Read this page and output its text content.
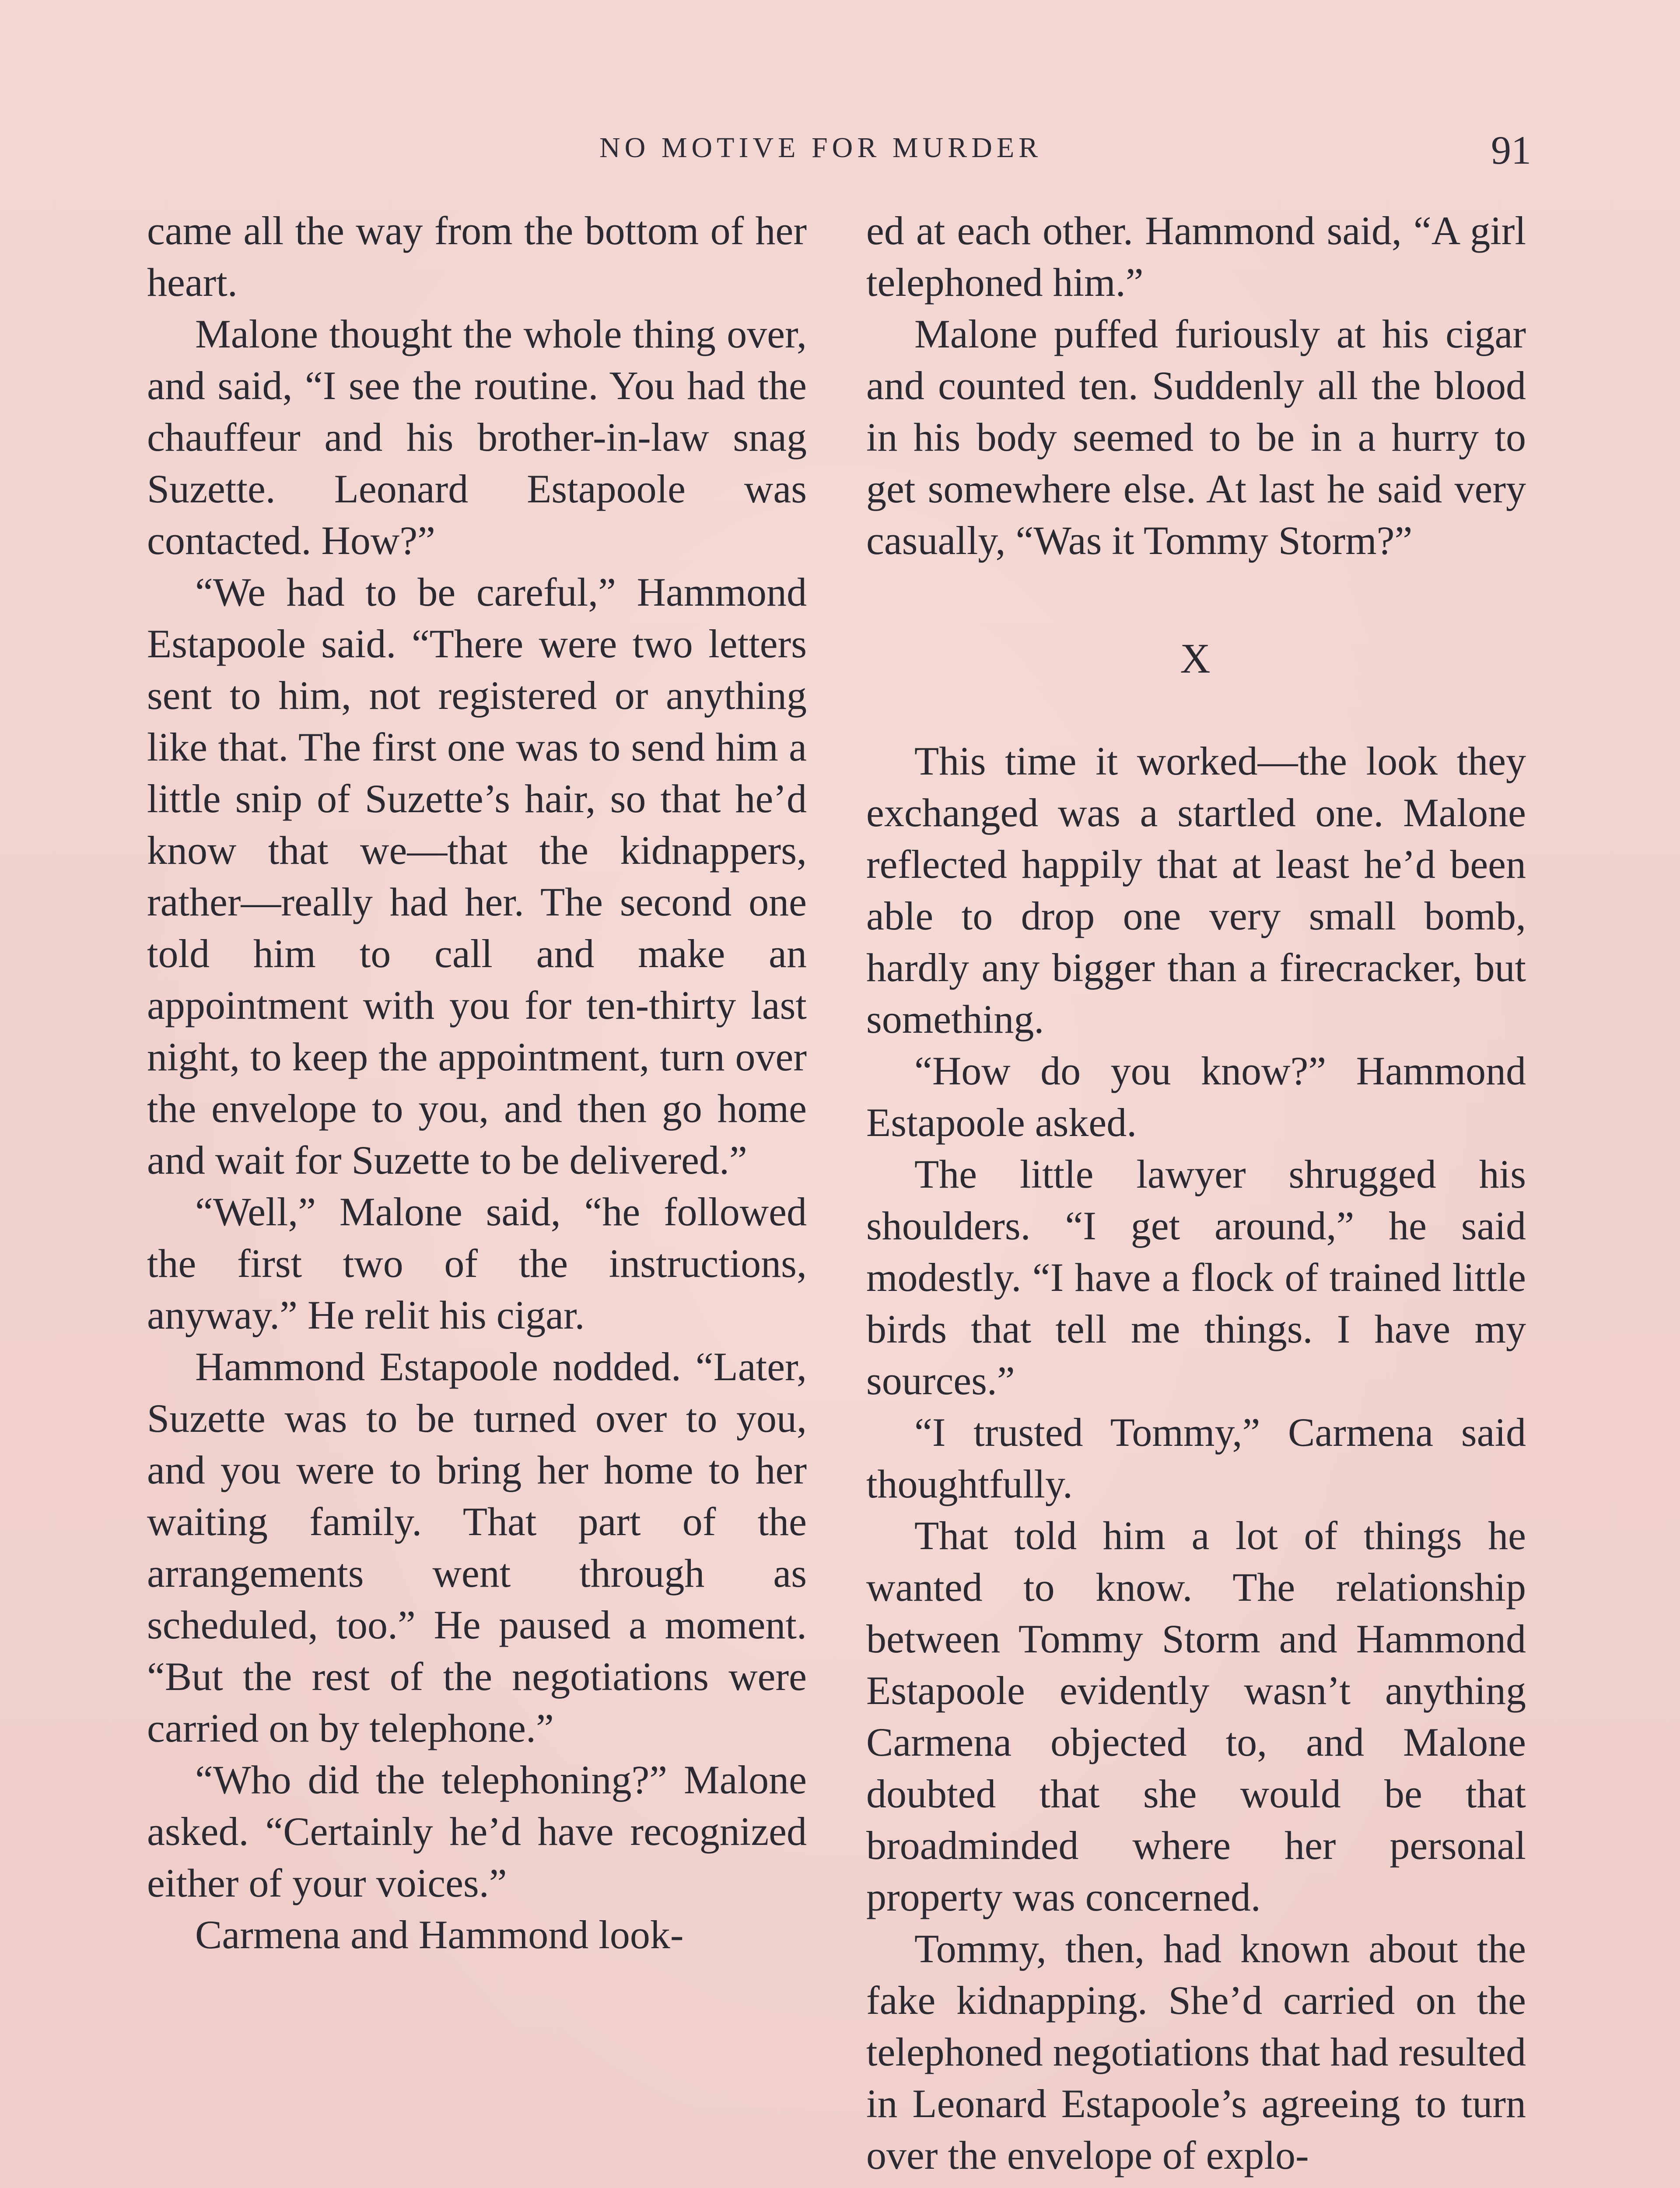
NO MOTIVE FOR MURDER	91

came all the way from the bottom of her heart.

Malone thought the whole thing over, and said, “I see the routine. You had the chauffeur and his brother-in-law snag Suzette. Leonard Estapoole was contacted. How?”

“We had to be careful,” Hammond Estapoole said. “There were two letters sent to him, not registered or anything like that. The first one was to send him a little snip of Suzette’s hair, so that he’d know that we—that the kidnappers, rather—really had her. The second one told him to call and make an appointment with you for ten-thirty last night, to keep the appointment, turn over the envelope to you, and then go home and wait for Suzette to be delivered.”

“Well,” Malone said, “he followed the first two of the instructions, anyway.” He relit his cigar.

Hammond Estapoole nodded. “Later, Suzette was to be turned over to you, and you were to bring her home to her waiting family. That part of the arrangements went through as scheduled, too.” He paused a moment. “But the rest of the negotiations were carried on by telephone.”

“Who did the telephoning?” Malone asked. “Certainly he’d have recognized either of your voices.”

Carmena and Hammond look-

ed at each other. Hammond said, “A girl telephoned him.”

Malone puffed furiously at his cigar and counted ten. Suddenly all the blood in his body seemed to be in a hurry to get somewhere else. At last he said very casually, “Was it Tommy Storm?”

X

This time it worked—the look they exchanged was a startled one. Malone reflected happily that at least he’d been able to drop one very small bomb, hardly any bigger than a firecracker, but something.

“How do you know?” Hammond Estapoole asked.

The little lawyer shrugged his shoulders. “I get around,” he said modestly. “I have a flock of trained little birds that tell me things. I have my sources.”

“I trusted Tommy,” Carmena said thoughtfully.

That told him a lot of things he wanted to know. The relationship between Tommy Storm and Hammond Estapoole evidently wasn’t anything Carmena objected to, and Malone doubted that she would be that broadminded where her personal property was concerned.

Tommy, then, had known about the fake kidnapping. She’d carried on the telephoned negotiations that had resulted in Leonard Estapoole’s agreeing to turn over the envelope of explo-
